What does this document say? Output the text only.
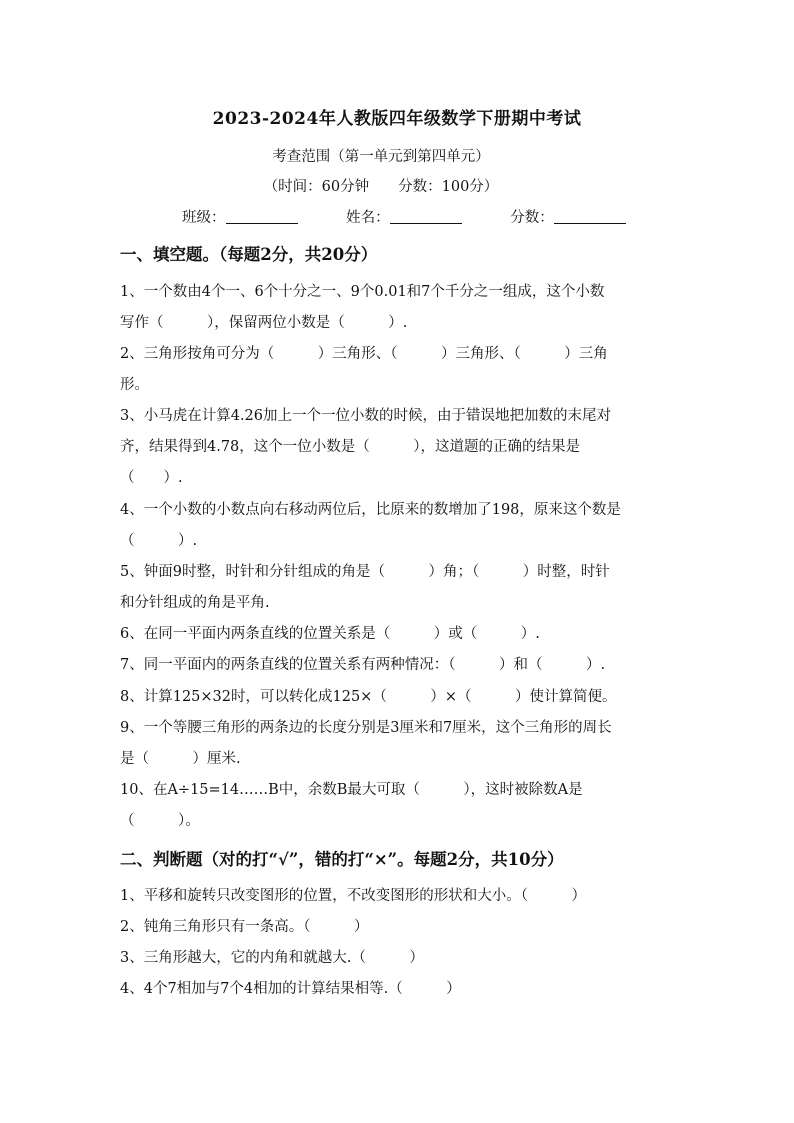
2023-2024年人教版四年级数学下册期中考试
考查范围（第一单元到第四单元）
（时间：60分钟　　分数：100分）
班级：	姓名：	分数：
一、填空题。（每题2分，共20分）
1、一个数由4个一、6个十分之一、9个0.01和7个千分之一组成，这个小数
写作（　　　），保留两位小数是（　　　）.
2、三角形按角可分为（　　　）三角形、（　　　）三角形、（　　　）三角
形。
3、小马虎在计算4.26加上一个一位小数的时候，由于错误地把加数的末尾对
齐，结果得到4.78，这个一位小数是（　　　），这道题的正确的结果是
（　　）.
4、一个小数的小数点向右移动两位后，比原来的数增加了198，原来这个数是
（　　　）.
5、钟面9时整，时针和分针组成的角是（　　　）角；（　　　）时整，时针
和分针组成的角是平角.
6、在同一平面内两条直线的位置关系是（　　　）或（　　　）.
7、同一平面内的两条直线的位置关系有两种情况：（　　　）和（　　　）.
8、计算125×32时，可以转化成125×（　　　）×（　　　）使计算简便。
9、一个等腰三角形的两条边的长度分别是3厘米和7厘米，这个三角形的周长
是（　　　）厘米.
10、在A÷15=14……B中，余数B最大可取（　　　），这时被除数A是
（　　　）。
二、判断题（对的打“√”，错的打“×”。每题2分，共10分）
1、平移和旋转只改变图形的位置，不改变图形的形状和大小。（　　　）
2、钝角三角形只有一条高。（　　　）
3、三角形越大，它的内角和就越大.（　　　）
4、4个7相加与7个4相加的计算结果相等.（　　　）
